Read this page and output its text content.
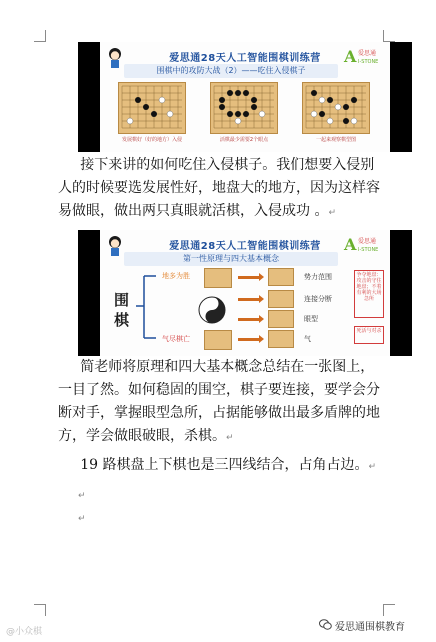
爱思通28天人工智能围棋训练营
围棋中的攻防大战（2）——吃住入侵棋子
A 爱思通
I-STONE
发展棋好（好的地方）入侵	活棋最少需要2个眼点	一起来观察棋型图
接下来讲的如何吃住入侵棋子。我们想要入侵别人的时候要选发展性好，地盘大的地方，因为这样容易做眼，做出两只真眼就活棋，入侵成功 。↵
爱思通28天人工智能围棋训练营
第一性原理与四大基本概念
A 爱思通
I-STONE
围
棋
地多为胜
气尽棋亡
势力范围
连接分断
眼型
气
争夺地盘：攻击的守住地盘；不着有利的大场急所
死活与对杀
简老师将原理和四大基本概念总结在一张图上，一目了然。如何稳固的围空，棋子要连接，要学会分断对手，掌握眼型急所，占据能够做出最多盾牌的地方，学会做眼破眼，杀棋。↵
19 路棋盘上下棋也是三四线结合，占角占边。↵
↵
↵
@小众棋	爱思通围棋教育
